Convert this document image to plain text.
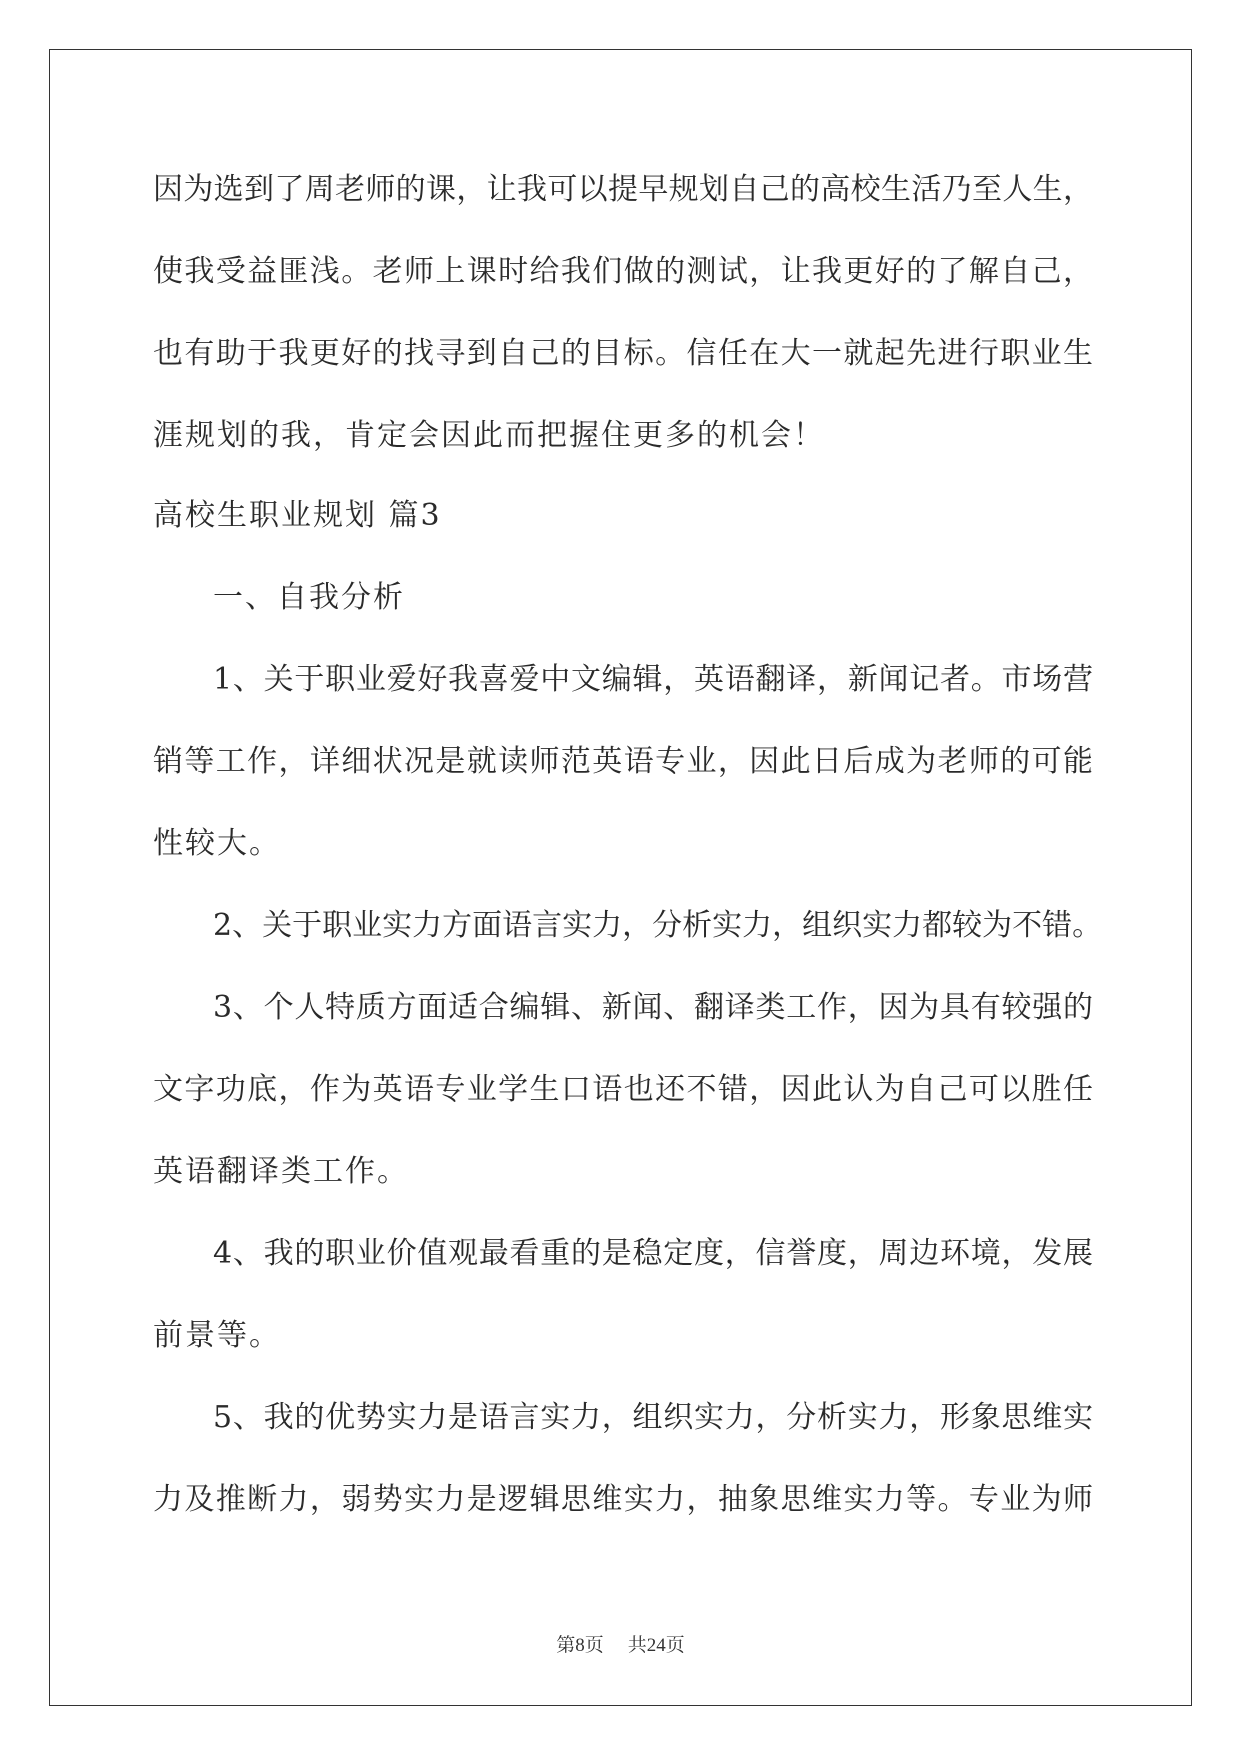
因为选到了周老师的课，让我可以提早规划自己的高校生活乃至人生，

使我受益匪浅。老师上课时给我们做的测试，让我更好的了解自己，

也有助于我更好的找寻到自己的目标。信任在大一就起先进行职业生

涯规划的我，肯定会因此而把握住更多的机会！

高校生职业规划 篇3

一、自我分析

1、关于职业爱好我喜爱中文编辑，英语翻译，新闻记者。市场营

销等工作，详细状况是就读师范英语专业，因此日后成为老师的可能

性较大。

2、关于职业实力方面语言实力，分析实力，组织实力都较为不错。

3、个人特质方面适合编辑、新闻、翻译类工作，因为具有较强的

文字功底，作为英语专业学生口语也还不错，因此认为自己可以胜任

英语翻译类工作。

4、我的职业价值观最看重的是稳定度，信誉度，周边环境，发展

前景等。

5、我的优势实力是语言实力，组织实力，分析实力，形象思维实

力及推断力，弱势实力是逻辑思维实力，抽象思维实力等。专业为师

第8页 共24页
